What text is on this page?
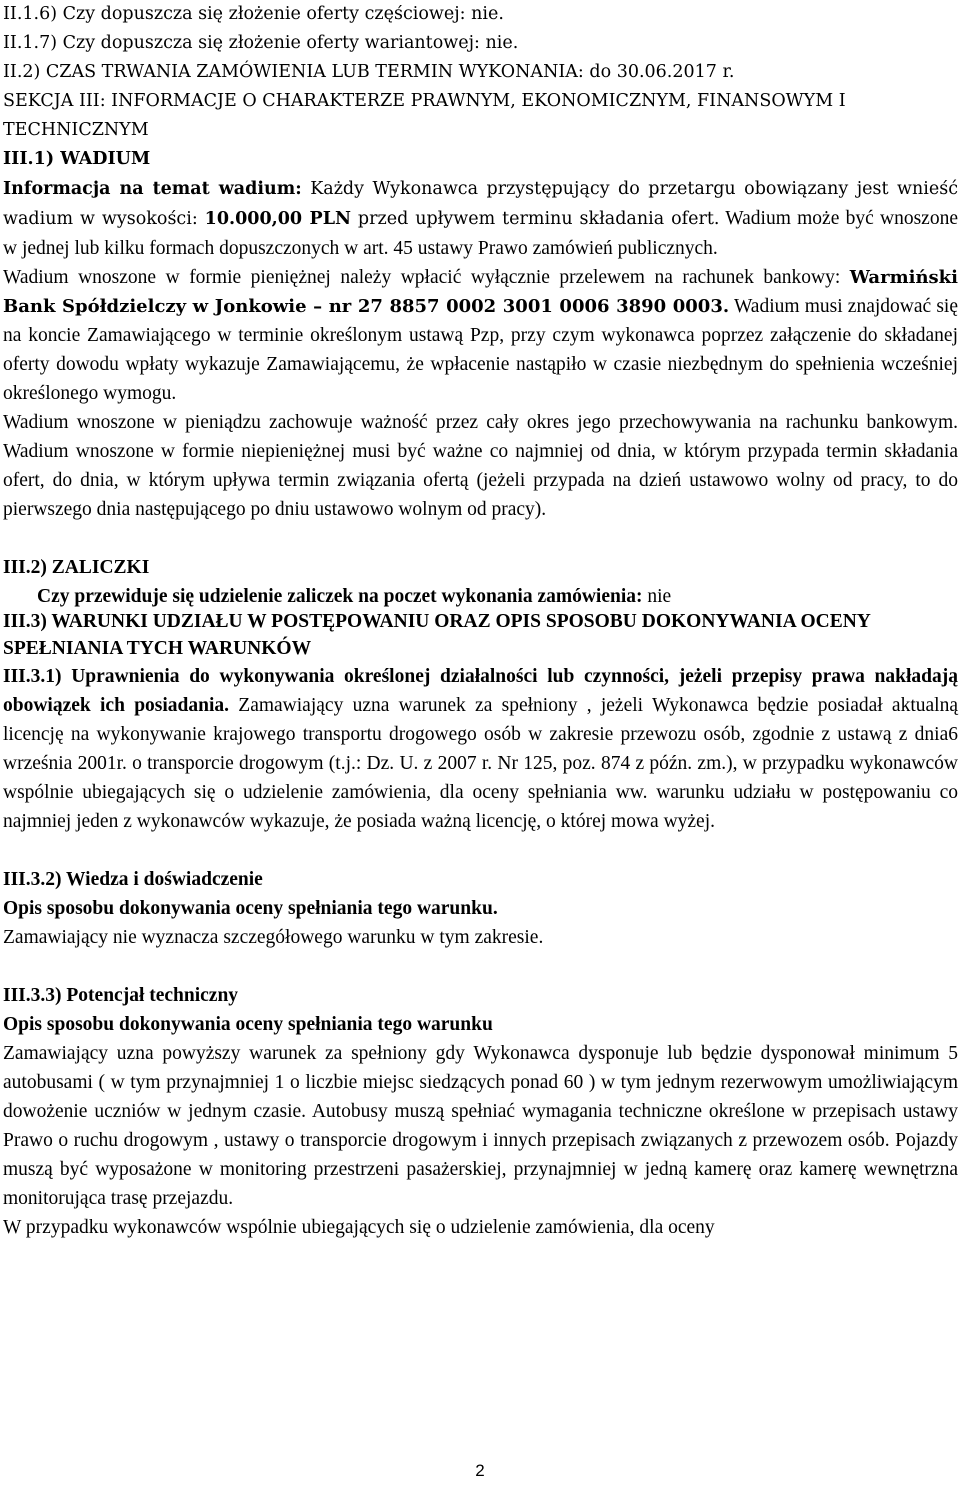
II.1.6) Czy dopuszcza się złożenie oferty częściowej: nie.

II.1.7) Czy dopuszcza się złożenie oferty wariantowej: nie.

II.2) CZAS TRWANIA ZAMÓWIENIA LUB TERMIN WYKONANIA: do 30.06.2017 r.

SEKCJA III: INFORMACJE O CHARAKTERZE PRAWNYM, EKONOMICZNYM, FINANSOWYM I TECHNICZNYM

III.1) WADIUM

Informacja na temat wadium: Każdy Wykonawca przystępujący do przetargu obowiązany jest wnieść wadium w wysokości: 10.000,00 PLN przed upływem terminu składania ofert. Wadium może być wnoszone w jednej lub kilku formach dopuszczonych w art. 45 ustawy Prawo zamówień publicznych.

Wadium wnoszone w formie pieniężnej należy wpłacić wyłącznie przelewem na rachunek bankowy: Warmiński Bank Spółdzielczy w Jonkowie – nr 27 8857 0002 3001 0006 3890 0003. Wadium musi znajdować się na koncie Zamawiającego w terminie określonym ustawą Pzp, przy czym wykonawca poprzez załączenie do składanej oferty dowodu wpłaty wykazuje Zamawiającemu, że wpłacenie nastąpiło w czasie niezbędnym do spełnienia wcześniej określonego wymogu.

Wadium wnoszone w pieniądzu zachowuje ważność przez cały okres jego przechowywania na rachunku bankowym. Wadium wnoszone w formie niepieniężnej musi być ważne co najmniej od dnia, w którym przypada termin składania ofert, do dnia, w którym upływa termin związania ofertą (jeżeli przypada na dzień ustawowo wolny od pracy, to do pierwszego dnia następującego po dniu ustawowo wolnym od pracy).

III.2) ZALICZKI

Czy przewiduje się udzielenie zaliczek na poczet wykonania zamówienia: nie

III.3) WARUNKI UDZIAŁU W POSTĘPOWANIU ORAZ OPIS SPOSOBU DOKONYWANIA OCENY SPEŁNIANIA TYCH WARUNKÓW

III.3.1) Uprawnienia do wykonywania określonej działalności lub czynności, jeżeli przepisy prawa nakładają obowiązek ich posiadania. Zamawiający uzna warunek za spełniony , jeżeli Wykonawca będzie posiadał aktualną licencję na wykonywanie krajowego transportu drogowego osób w zakresie przewozu osób, zgodnie z ustawą z dnia6 września 2001r. o transporcie drogowym (t.j.: Dz. U. z 2007 r. Nr 125, poz. 874 z późn. zm.), w przypadku wykonawców wspólnie ubiegających się o udzielenie zamówienia, dla oceny spełniania ww. warunku udziału w postępowaniu co najmniej jeden z wykonawców wykazuje, że posiada ważną licencję, o której mowa wyżej.

III.3.2) Wiedza i doświadczenie

Opis sposobu dokonywania oceny spełniania tego warunku.

Zamawiający nie wyznacza szczegółowego warunku w tym zakresie.

III.3.3) Potencjał techniczny

Opis sposobu dokonywania oceny spełniania tego warunku

Zamawiający uzna powyższy warunek za spełniony gdy Wykonawca dysponuje lub będzie dysponował minimum 5 autobusami ( w tym przynajmniej 1 o liczbie miejsc siedzących ponad 60 ) w tym jednym rezerwowym umożliwiającym dowożenie uczniów w jednym czasie. Autobusy muszą spełniać wymagania techniczne określone w przepisach ustawy Prawo o ruchu drogowym , ustawy o transporcie drogowym i innych przepisach związanych z przewozem osób. Pojazdy muszą być wyposażone w monitoring przestrzeni pasażerskiej, przynajmniej w jedną kamerę oraz kamerę wewnętrzna monitorująca trasę przejazdu.

W przypadku wykonawców wspólnie ubiegających się o udzielenie zamówienia, dla oceny

2
